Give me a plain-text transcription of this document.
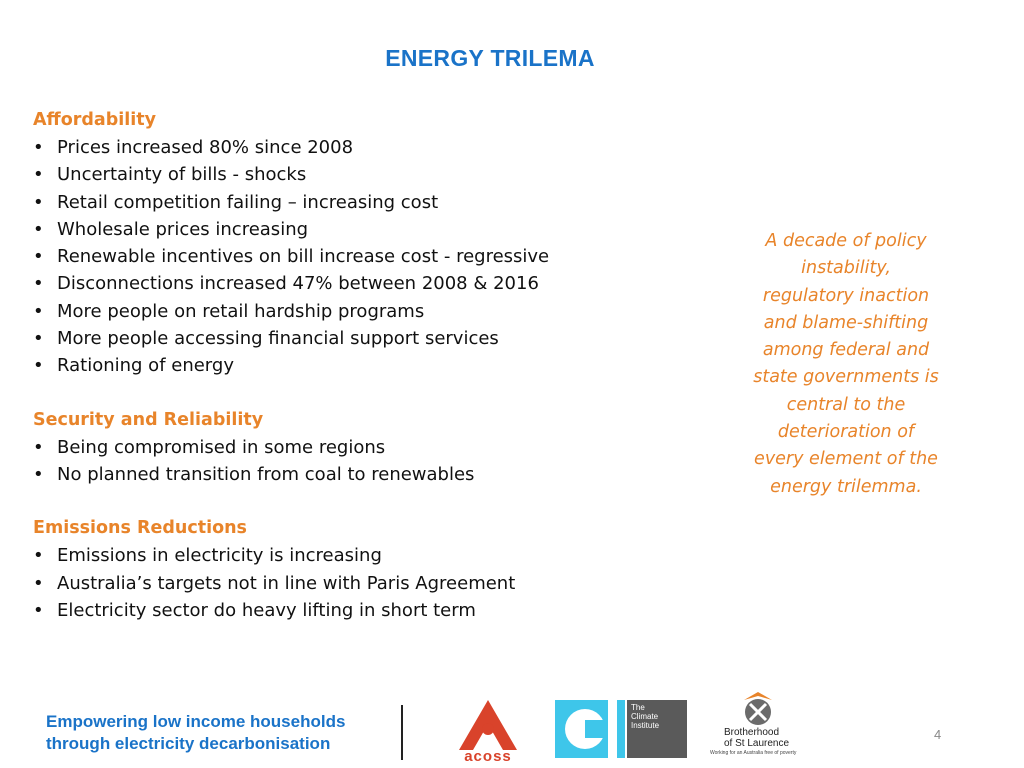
ENERGY TRILEMA
Affordability
• Prices increased 80% since 2008
• Uncertainty of bills - shocks
• Retail competition failing – increasing cost
• Wholesale prices increasing
• Renewable incentives on bill increase cost - regressive
• Disconnections increased 47% between 2008 & 2016
• More people on retail hardship programs
• More people accessing financial support services
• Rationing of energy
Security and Reliability
• Being compromised in some regions
• No planned transition from coal to renewables
Emissions Reductions
• Emissions in electricity is increasing
• Australia’s targets not in line with Paris Agreement
• Electricity sector do heavy lifting in short term
A decade of policy
instability,
regulatory inaction
and blame-shifting
among federal and
state governments is
central to the
deterioration of
every element of the
energy trilemma.
Empowering low income households
through electricity decarbonisation
acoss
The
Climate
Institute
Brotherhood
of St Laurence
Working for an Australia free of poverty
4
